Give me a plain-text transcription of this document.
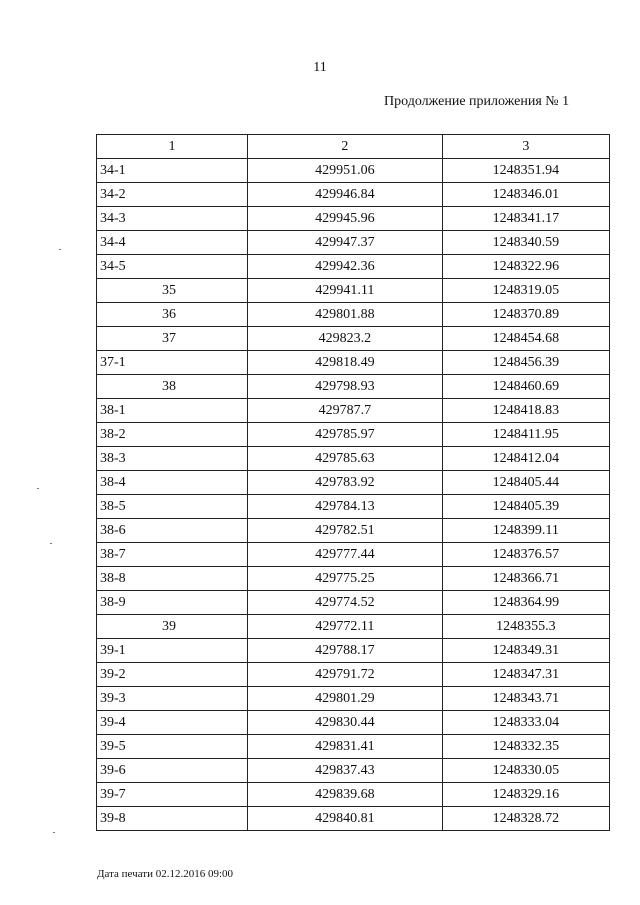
11
Продолжение приложения № 1
1	2	3
34-1	429951.06	1248351.94
34-2	429946.84	1248346.01
34-3	429945.96	1248341.17
34-4	429947.37	1248340.59
34-5	429942.36	1248322.96
35	429941.11	1248319.05
36	429801.88	1248370.89
37	429823.2	1248454.68
37-1	429818.49	1248456.39
38	429798.93	1248460.69
38-1	429787.7	1248418.83
38-2	429785.97	1248411.95
38-3	429785.63	1248412.04
38-4	429783.92	1248405.44
38-5	429784.13	1248405.39
38-6	429782.51	1248399.11
38-7	429777.44	1248376.57
38-8	429775.25	1248366.71
38-9	429774.52	1248364.99
39	429772.11	1248355.3
39-1	429788.17	1248349.31
39-2	429791.72	1248347.31
39-3	429801.29	1248343.71
39-4	429830.44	1248333.04
39-5	429831.41	1248332.35
39-6	429837.43	1248330.05
39-7	429839.68	1248329.16
39-8	429840.81	1248328.72
Дата печати 02.12.2016 09:00
